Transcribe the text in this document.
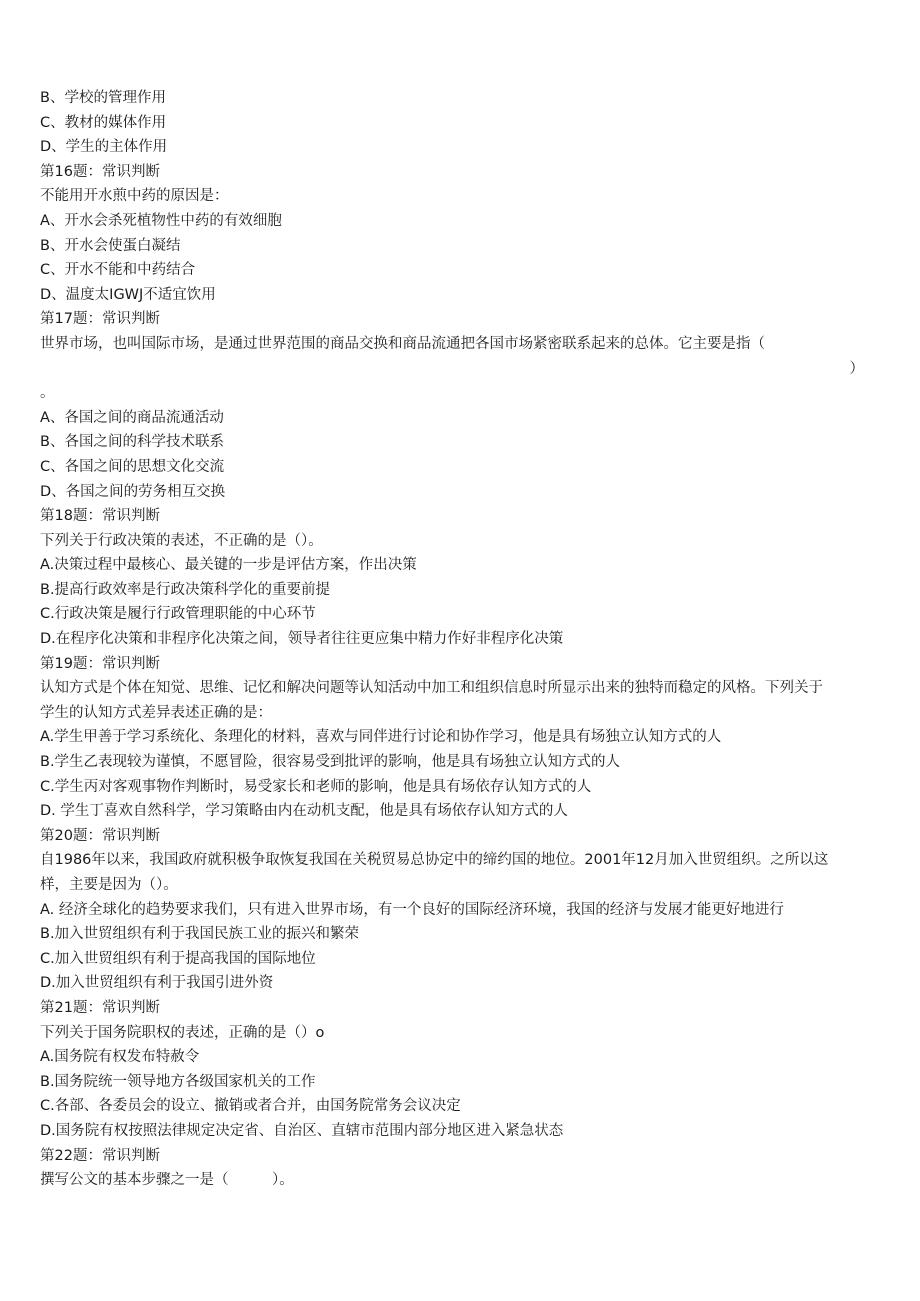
B、学校的管理作用
C、教材的媒体作用
D、学生的主体作用
第16题：常识判断
不能用开水煎中药的原因是：
A、开水会杀死植物性中药的有效细胞
B、开水会使蛋白凝结
C、开水不能和中药结合
D、温度太IGWJ不适宜饮用
第17题：常识判断
世界市场，也叫国际市场，是通过世界范围的商品交换和商品流通把各国市场紧密联系起来的总体。它主要是指（
）
。
A、各国之间的商品流通活动
B、各国之间的科学技术联系
C、各国之间的思想文化交流
D、各国之间的劳务相互交换
第18题：常识判断
下列关于行政决策的表述，不正确的是（）。
A.决策过程中最核心、最关键的一步是评估方案，作出决策
B.提高行政效率是行政决策科学化的重要前提
C.行政决策是履行行政管理职能的中心环节
D.在程序化决策和非程序化决策之间，领导者往往更应集中精力作好非程序化决策
第19题：常识判断
认知方式是个体在知觉、思维、记忆和解决问题等认知活动中加工和组织信息时所显示出来的独特而稳定的风格。下列关于
学生的认知方式差异表述正确的是：
A.学生甲善于学习系统化、条理化的材料，喜欢与同伴进行讨论和协作学习，他是具有场独立认知方式的人
B.学生乙表现较为谨慎，不愿冒险，很容易受到批评的影响，他是具有场独立认知方式的人
C.学生丙对客观事物作判断时，易受家长和老师的影响，他是具有场依存认知方式的人
D. 学生丁喜欢自然科学，学习策略由内在动机支配，他是具有场依存认知方式的人
第20题：常识判断
自1986年以来，我国政府就积极争取恢复我国在关税贸易总协定中的缔约国的地位。2001年12月加入世贸组织。之所以这
样，主要是因为（）。
A. 经济全球化的趋势要求我们，只有进入世界市场，有一个良好的国际经济环境，我国的经济与发展才能更好地进行
B.加入世贸组织有利于我国民族工业的振兴和繁荣
C.加入世贸组织有利于提高我国的国际地位
D.加入世贸组织有利于我国引进外资
第21题：常识判断
下列关于国务院职权的表述，正确的是（）o
A.国务院有权发布特赦令
B.国务院统一领导地方各级国家机关的工作
C.各部、各委员会的设立、撤销或者合并，由国务院常务会议决定
D.国务院有权按照法律规定决定省、自治区、直辖市范围内部分地区进入紧急状态
第22题：常识判断
撰写公文的基本步骤之一是（　　　）。
